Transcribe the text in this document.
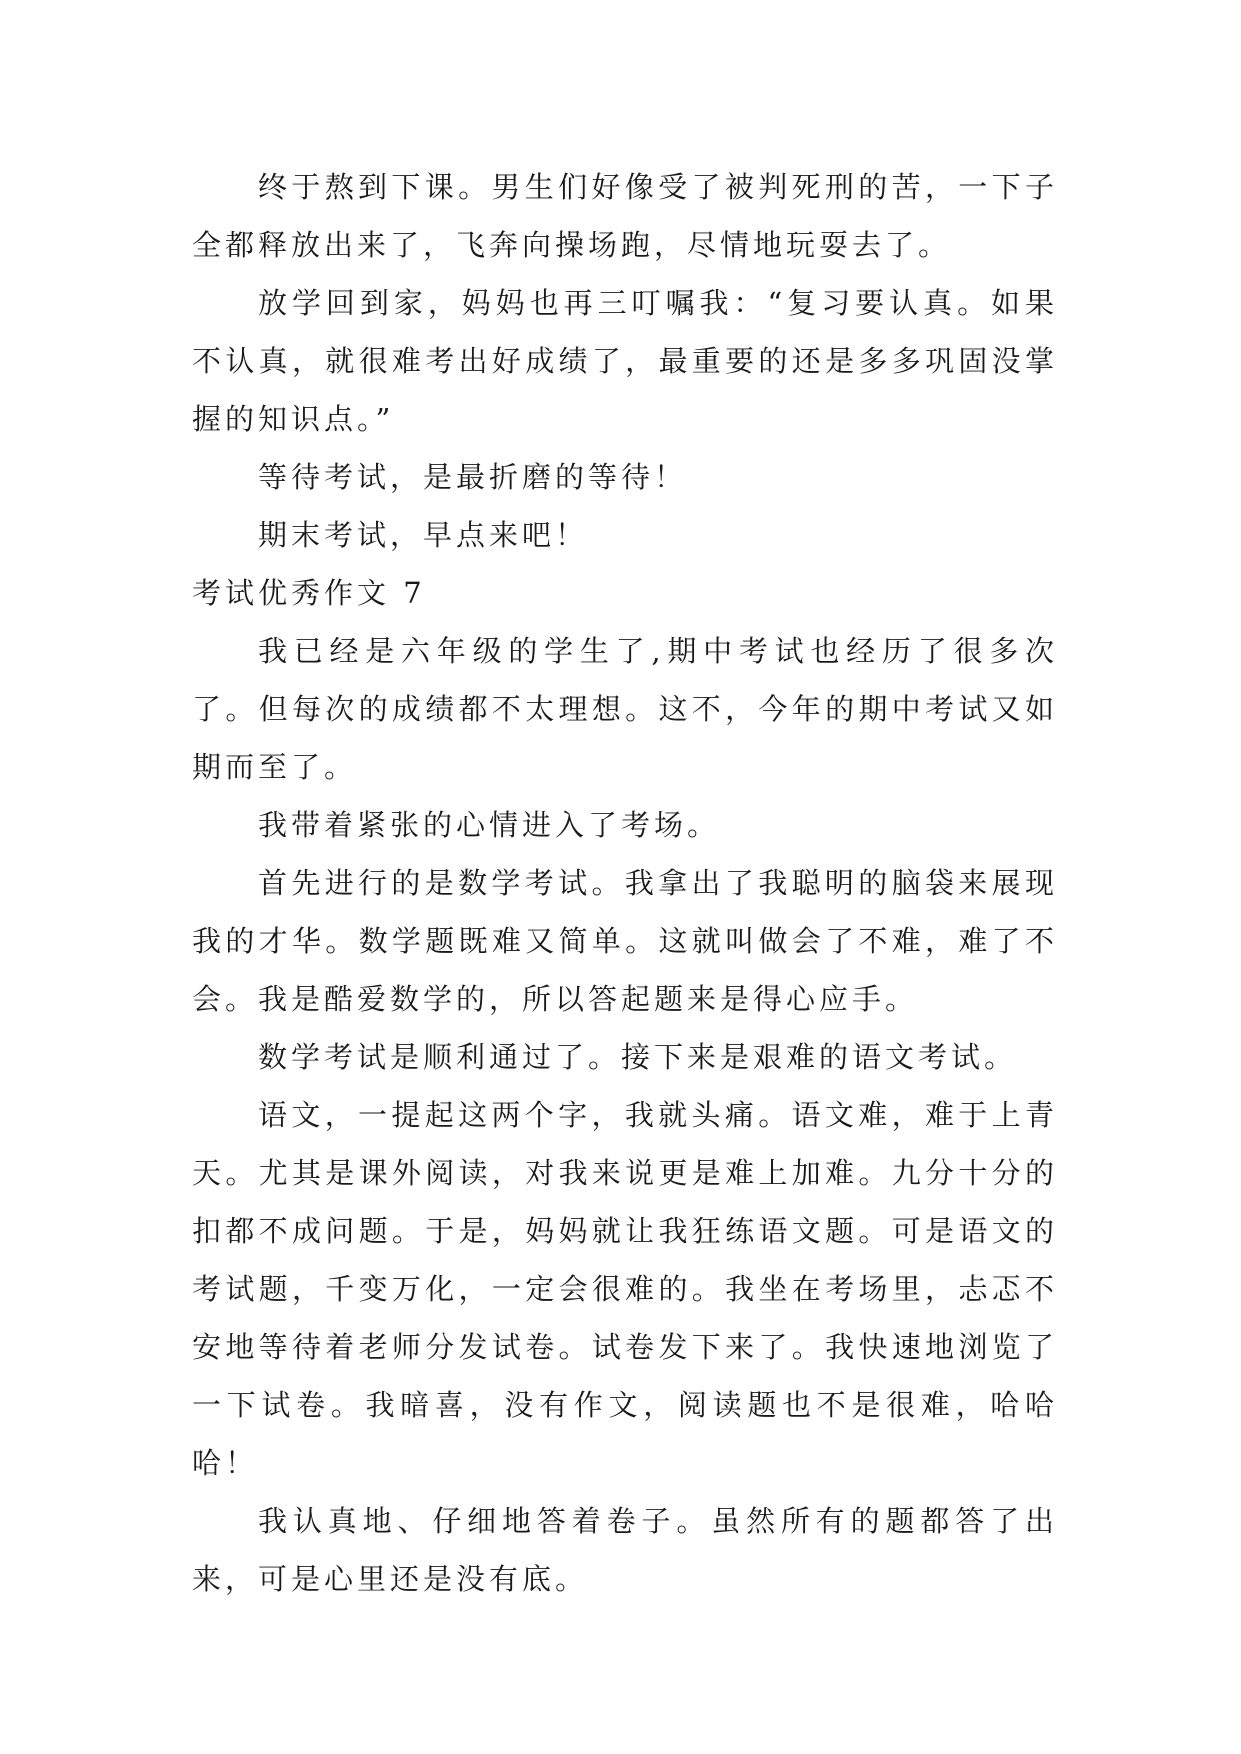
终于熬到下课。男生们好像受了被判死刑的苦，一下子全都释放出来了，飞奔向操场跑，尽情地玩耍去了。

放学回到家，妈妈也再三叮嘱我：“复习要认真。如果不认真，就很难考出好成绩了，最重要的还是多多巩固没掌握的知识点。”

等待考试，是最折磨的等待！

期末考试，早点来吧！

考试优秀作文 7

我已经是六年级的学生了,期中考试也经历了很多次了。但每次的成绩都不太理想。这不，今年的期中考试又如期而至了。

我带着紧张的心情进入了考场。

首先进行的是数学考试。我拿出了我聪明的脑袋来展现我的才华。数学题既难又简单。这就叫做会了不难，难了不会。我是酷爱数学的，所以答起题来是得心应手。

数学考试是顺利通过了。接下来是艰难的语文考试。

语文，一提起这两个字，我就头痛。语文难，难于上青天。尤其是课外阅读，对我来说更是难上加难。九分十分的扣都不成问题。于是，妈妈就让我狂练语文题。可是语文的考试题，千变万化，一定会很难的。我坐在考场里，忐忑不安地等待着老师分发试卷。试卷发下来了。我快速地浏览了一下试卷。我暗喜，没有作文，阅读题也不是很难，哈哈哈！

我认真地、仔细地答着卷子。虽然所有的题都答了出来，可是心里还是没有底。
